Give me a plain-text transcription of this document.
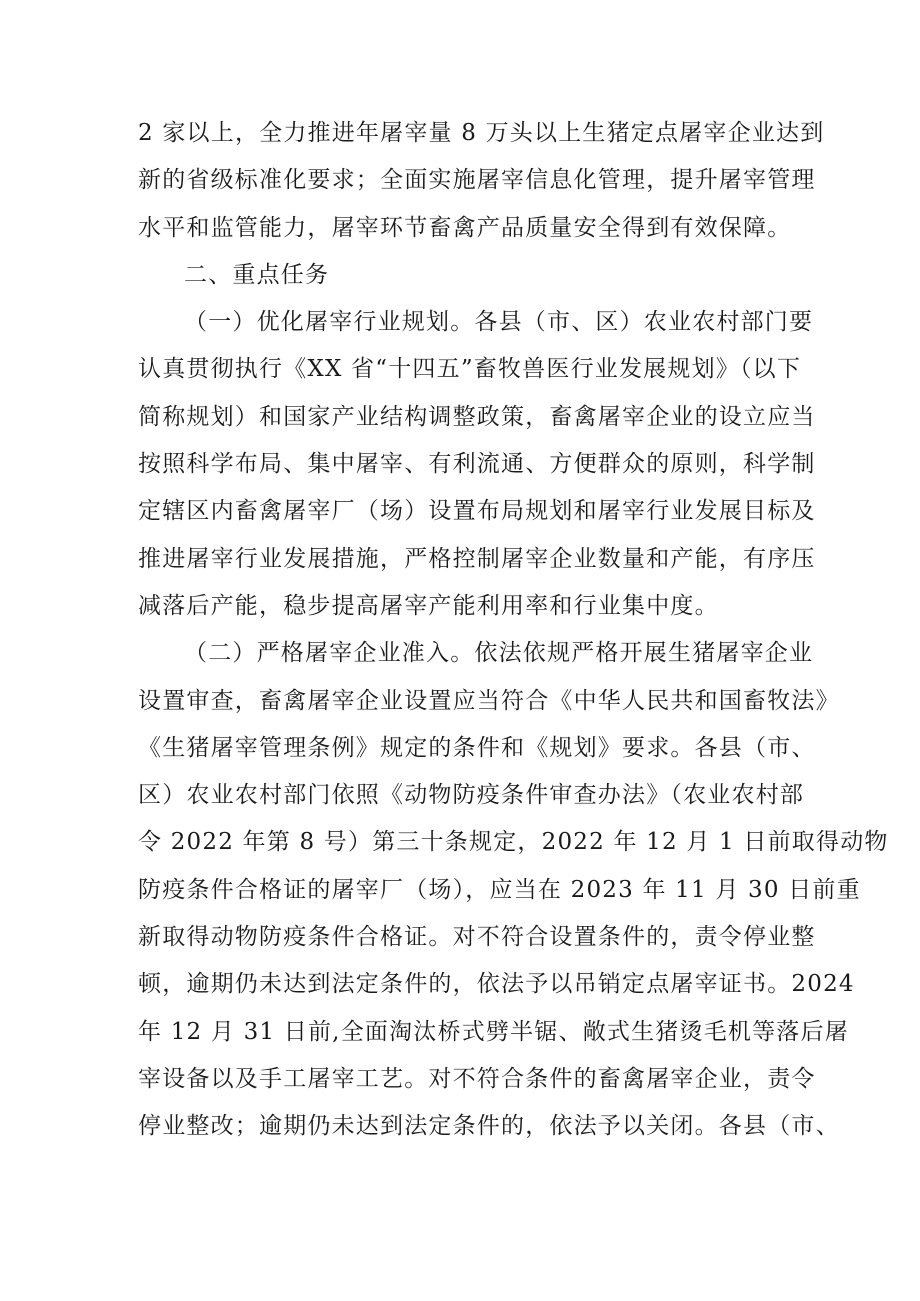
2 家以上，全力推进年屠宰量 8 万头以上生猪定点屠宰企业达到
新的省级标准化要求；全面实施屠宰信息化管理，提升屠宰管理
水平和监管能力，屠宰环节畜禽产品质量安全得到有效保障。
二、重点任务
（一）优化屠宰行业规划。各县（市、区）农业农村部门要
认真贯彻执行《XX 省“十四五”畜牧兽医行业发展规划》（以下
简称规划）和国家产业结构调整政策，畜禽屠宰企业的设立应当
按照科学布局、集中屠宰、有利流通、方便群众的原则，科学制
定辖区内畜禽屠宰厂（场）设置布局规划和屠宰行业发展目标及
推进屠宰行业发展措施，严格控制屠宰企业数量和产能，有序压
减落后产能，稳步提高屠宰产能利用率和行业集中度。
（二）严格屠宰企业准入。依法依规严格开展生猪屠宰企业
设置审查，畜禽屠宰企业设置应当符合《中华人民共和国畜牧法》
《生猪屠宰管理条例》规定的条件和《规划》要求。各县（市、
区）农业农村部门依照《动物防疫条件审查办法》（农业农村部
令 2022 年第 8 号）第三十条规定，2022 年 12 月 1 日前取得动物
防疫条件合格证的屠宰厂（场），应当在 2023 年 11 月 30 日前重
新取得动物防疫条件合格证。对不符合设置条件的，责令停业整
顿，逾期仍未达到法定条件的，依法予以吊销定点屠宰证书。2024
年 12 月 31 日前,全面淘汰桥式劈半锯、敞式生猪烫毛机等落后屠
宰设备以及手工屠宰工艺。对不符合条件的畜禽屠宰企业，责令
停业整改；逾期仍未达到法定条件的，依法予以关闭。各县（市、
